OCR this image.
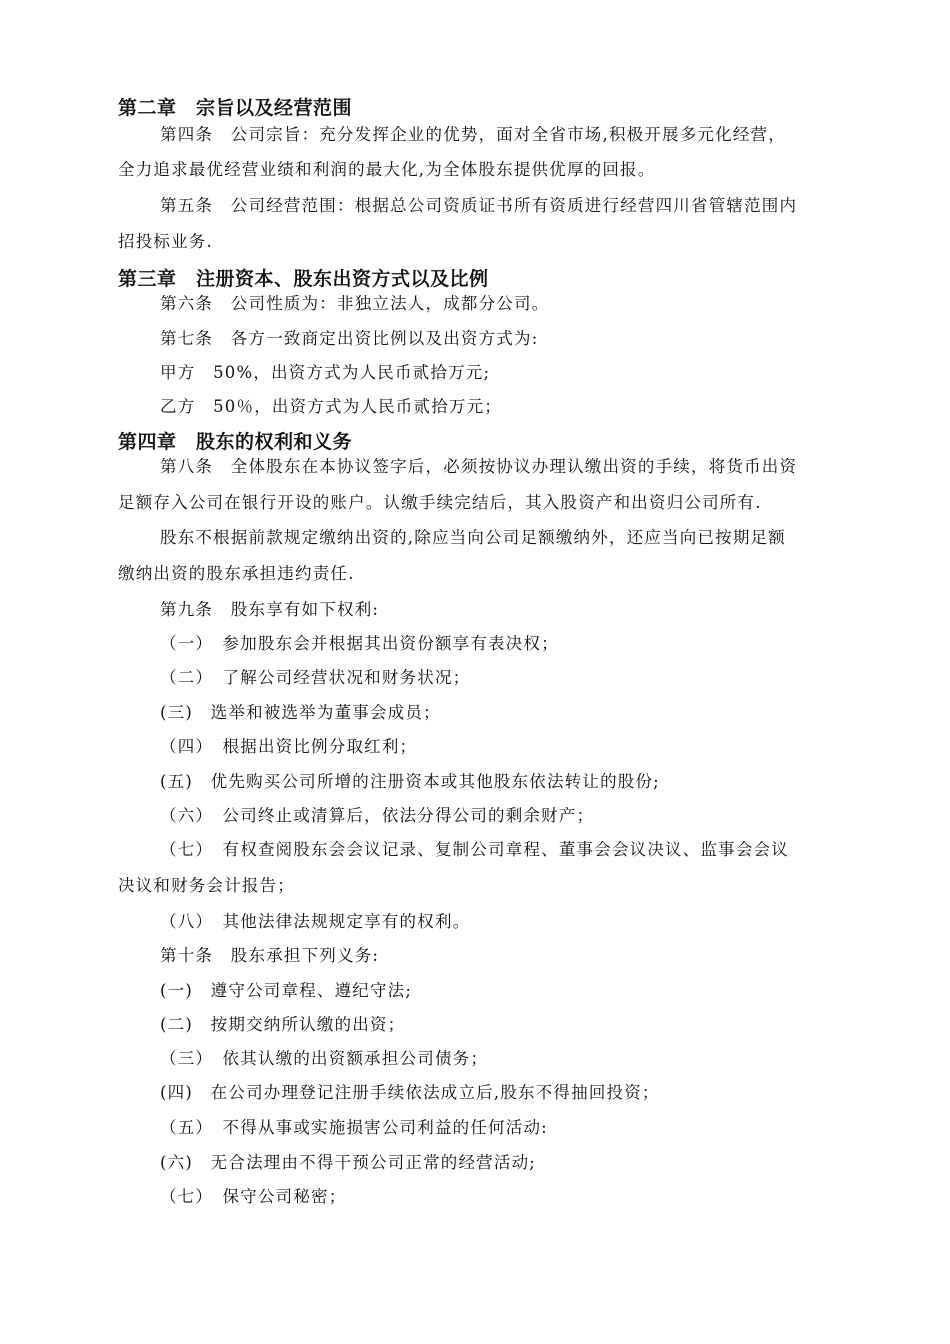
第二章　宗旨以及经营范围
第四条　公司宗旨：充分发挥企业的优势，面对全省市场,积极开展多元化经营，
全力追求最优经营业绩和利润的最大化,为全体股东提供优厚的回报。
第五条　公司经营范围：根据总公司资质证书所有资质进行经营四川省管辖范围内
招投标业务.
第三章　注册资本、股东出资方式以及比例
第六条　公司性质为：非独立法人，成都分公司。
第七条　各方一致商定出资比例以及出资方式为:
甲方　50%，出资方式为人民币贰拾万元;
乙方　50％，出资方式为人民币贰拾万元；
第四章　股东的权利和义务
第八条　全体股东在本协议签字后，必须按协议办理认缴出资的手续，将货币出资
足额存入公司在银行开设的账户。认缴手续完结后，其入股资产和出资归公司所有.
股东不根据前款规定缴纳出资的,除应当向公司足额缴纳外，还应当向已按期足额
缴纳出资的股东承担违约责任.
第九条　股东享有如下权利:
（一）　参加股东会并根据其出资份额享有表决权；
（二）　了解公司经营状况和财务状况；
(三)　选举和被选举为董事会成员；
（四）　根据出资比例分取红利；
(五)　优先购买公司所增的注册资本或其他股东依法转让的股份;
（六）　公司终止或清算后，依法分得公司的剩余财产；
（七）　有权查阅股东会会议记录、复制公司章程、董事会会议决议、监事会会议
决议和财务会计报告；
（八）　其他法律法规规定享有的权利。
第十条　股东承担下列义务:
(一)　遵守公司章程、遵纪守法;
(二)　按期交纳所认缴的出资；
（三）　依其认缴的出资额承担公司债务；
(四)　在公司办理登记注册手续依法成立后,股东不得抽回投资；
（五）　不得从事或实施损害公司利益的任何活动:
(六)　无合法理由不得干预公司正常的经营活动;
（七）　保守公司秘密；
